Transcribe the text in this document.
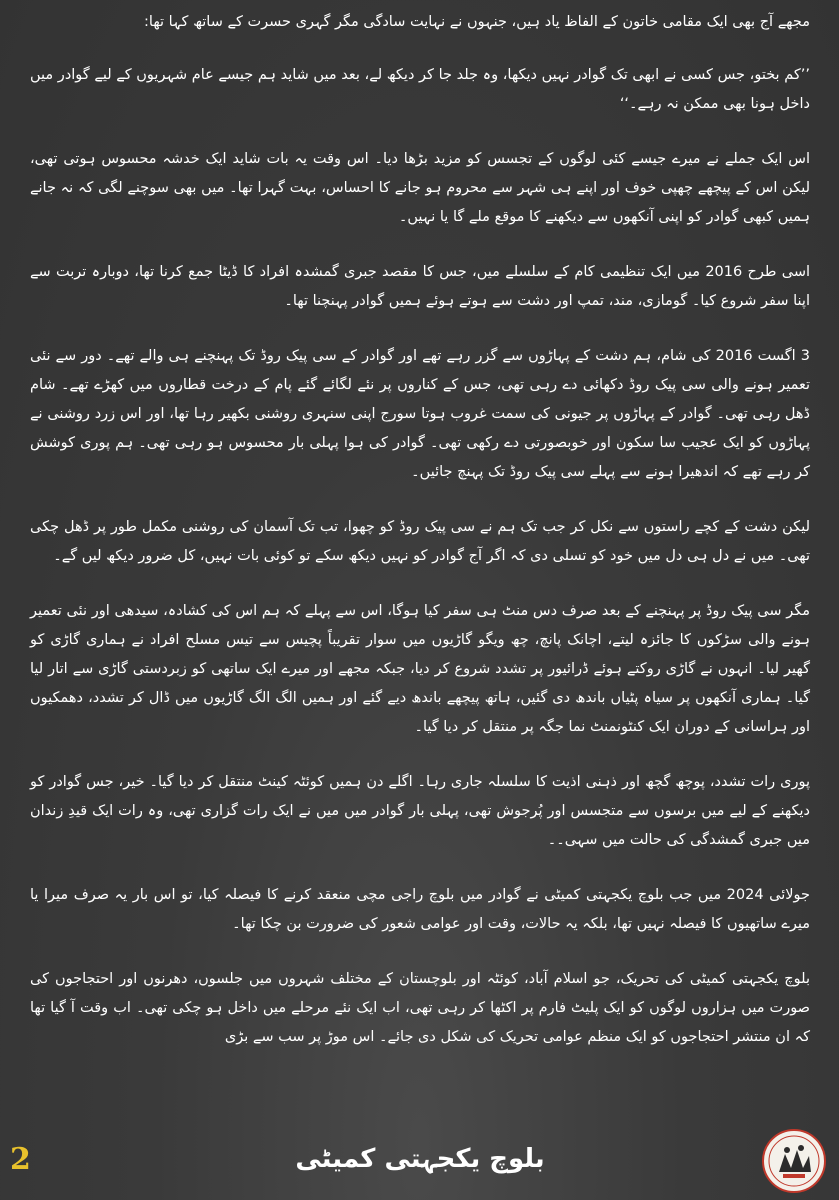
مجھے آج بھی ایک مقامی خاتون کے الفاظ یاد ہیں، جنہوں نے نہایت سادگی مگر گہری حسرت کے ساتھ کہا تھا:

’’کم بختو، جس کسی نے ابھی تک گوادر نہیں دیکھا، وہ جلد جا کر دیکھ لے، بعد میں شاید ہم جیسے عام شہریوں کے لیے گوادر میں داخل ہونا بھی ممکن نہ رہے۔‘‘

اس ایک جملے نے میرے جیسے کئی لوگوں کے تجسس کو مزید بڑھا دیا۔ اس وقت یہ بات شاید ایک خدشہ محسوس ہوتی تھی، لیکن اس کے پیچھے چھپی خوف اور اپنے ہی شہر سے محروم ہو جانے کا احساس، بہت گہرا تھا۔ میں بھی سوچنے لگی کہ نہ جانے ہمیں کبھی گوادر کو اپنی آنکھوں سے دیکھنے کا موقع ملے گا یا نہیں۔

اسی طرح 2016 میں ایک تنظیمی کام کے سلسلے میں، جس کا مقصد جبری گمشدہ افراد کا ڈیٹا جمع کرنا تھا، دوبارہ تربت سے اپنا سفر شروع کیا۔ گومازی، مند، تمپ اور دشت سے ہوتے ہوئے ہمیں گوادر پہنچنا تھا۔

3 اگست 2016 کی شام، ہم دشت کے پہاڑوں سے گزر رہے تھے اور گوادر کے سی پیک روڈ تک پہنچنے ہی والے تھے۔ دور سے نئی تعمیر ہونے والی سی پیک روڈ دکھائی دے رہی تھی، جس کے کناروں پر نئے لگائے گئے پام کے درخت قطاروں میں کھڑے تھے۔ شام ڈھل رہی تھی۔ گوادر کے پہاڑوں پر جیونی کی سمت غروب ہوتا سورج اپنی سنہری روشنی بکھیر رہا تھا، اور اس زرد روشنی نے پہاڑوں کو ایک عجیب سا سکون اور خوبصورتی دے رکھی تھی۔ گوادر کی ہوا پہلی بار محسوس ہو رہی تھی۔ ہم پوری کوشش کر رہے تھے کہ اندھیرا ہونے سے پہلے سی پیک روڈ تک پہنچ جائیں۔

لیکن دشت کے کچے راستوں سے نکل کر جب تک ہم نے سی پیک روڈ کو چھوا، تب تک آسمان کی روشنی مکمل طور پر ڈھل چکی تھی۔ میں نے دل ہی دل میں خود کو تسلی دی کہ اگر آج گوادر کو نہیں دیکھ سکے تو کوئی بات نہیں، کل ضرور دیکھ لیں گے۔

مگر سی پیک روڈ پر پہنچنے کے بعد صرف دس منٹ ہی سفر کیا ہوگا، اس سے پہلے کہ ہم اس کی کشادہ، سیدھی اور نئی تعمیر ہونے والی سڑکوں کا جائزہ لیتے، اچانک پانچ، چھ ویگو گاڑیوں میں سوار تقریباً پچیس سے تیس مسلح افراد نے ہماری گاڑی کو گھیر لیا۔ انہوں نے گاڑی روکتے ہوئے ڈرائیور پر تشدد شروع کر دیا، جبکہ مجھے اور میرے ایک ساتھی کو زبردستی گاڑی سے اتار لیا گیا۔ ہماری آنکھوں پر سیاہ پٹیاں باندھ دی گئیں، ہاتھ پیچھے باندھ دیے گئے اور ہمیں الگ الگ گاڑیوں میں ڈال کر تشدد، دھمکیوں اور ہراسانی کے دوران ایک کنٹونمنٹ نما جگہ پر منتقل کر دیا گیا۔

پوری رات تشدد، پوچھ گچھ اور ذہنی اذیت کا سلسلہ جاری رہا۔ اگلے دن ہمیں کوئٹہ کینٹ منتقل کر دیا گیا۔ خیر، جس گوادر کو دیکھنے کے لیے میں برسوں سے متجسس اور پُرجوش تھی، پہلی بار گوادر میں میں نے ایک رات گزاری تھی، وہ رات ایک قیدِ زندان میں جبری گمشدگی کی حالت میں سہی۔۔

جولائی 2024 میں جب بلوچ یکجہتی کمیٹی نے گوادر میں بلوچ راجی مچی منعقد کرنے کا فیصلہ کیا، تو اس بار یہ صرف میرا یا میرے ساتھیوں کا فیصلہ نہیں تھا، بلکہ یہ حالات، وقت اور عوامی شعور کی ضرورت بن چکا تھا۔

بلوچ یکجہتی کمیٹی کی تحریک، جو اسلام آباد، کوئٹہ اور بلوچستان کے مختلف شہروں میں جلسوں، دھرنوں اور احتجاجوں کی صورت میں ہزاروں لوگوں کو ایک پلیٹ فارم پر اکٹھا کر رہی تھی، اب ایک نئے مرحلے میں داخل ہو چکی تھی۔ اب وقت آ گیا تھا کہ ان منتشر احتجاجوں کو ایک منظم عوامی تحریک کی شکل دی جائے۔ اس موڑ پر سب سے بڑی

2	بلوچ یکجہتی کمیٹی
